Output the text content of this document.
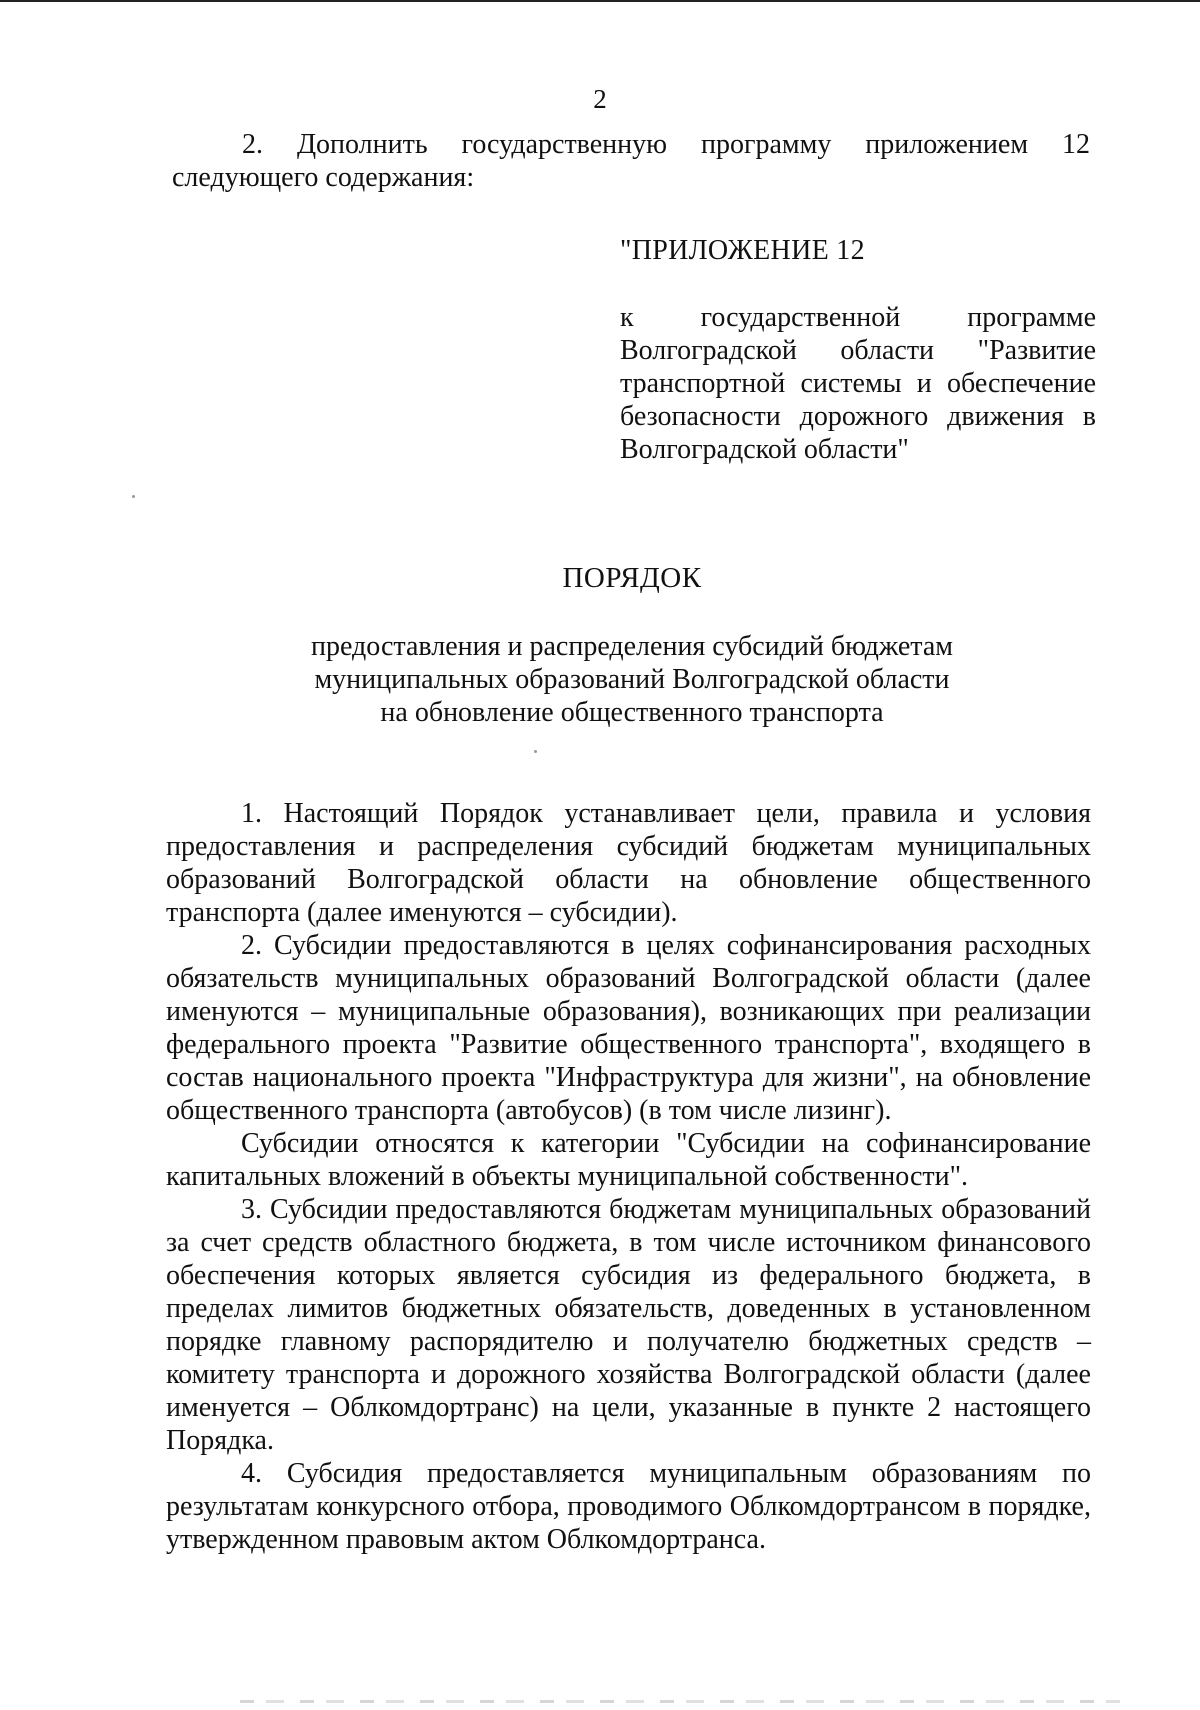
2
2. Дополнить государственную программу приложением 12 следующего содержания:
"ПРИЛОЖЕНИЕ 12
к государственной программе Волгоградской области "Развитие транспортной системы и обеспечение безопасности дорожного движения в Волгоградской области"
ПОРЯДОК
предоставления и распределения субсидий бюджетам
муниципальных образований Волгоградской области
на обновление общественного транспорта

1. Настоящий Порядок устанавливает цели, правила и условия предоставления и распределения субсидий бюджетам муниципальных образований Волгоградской области на обновление общественного транспорта (далее именуются – субсидии).

2. Субсидии предоставляются в целях софинансирования расходных обязательств муниципальных образований Волгоградской области (далее именуются – муниципальные образования), возникающих при реализации федерального проекта "Развитие общественного транспорта", входящего в состав национального проекта "Инфраструктура для жизни", на обновление общественного транспорта (автобусов) (в том числе лизинг).

Субсидии относятся к категории "Субсидии на софинансирование капитальных вложений в объекты муниципальной собственности".

3. Субсидии предоставляются бюджетам муниципальных образований за счет средств областного бюджета, в том числе источником финансового обеспечения которых является субсидия из федерального бюджета, в пределах лимитов бюджетных обязательств, доведенных в установленном порядке главному распорядителю и получателю бюджетных средств – комитету транспорта и дорожного хозяйства Волгоградской области (далее именуется – Облкомдортранс) на цели, указанные в пункте 2 настоящего Порядка.

4. Субсидия предоставляется муниципальным образованиям по результатам конкурсного отбора, проводимого Облкомдортрансом в порядке, утвержденном правовым актом Облкомдортранса.
